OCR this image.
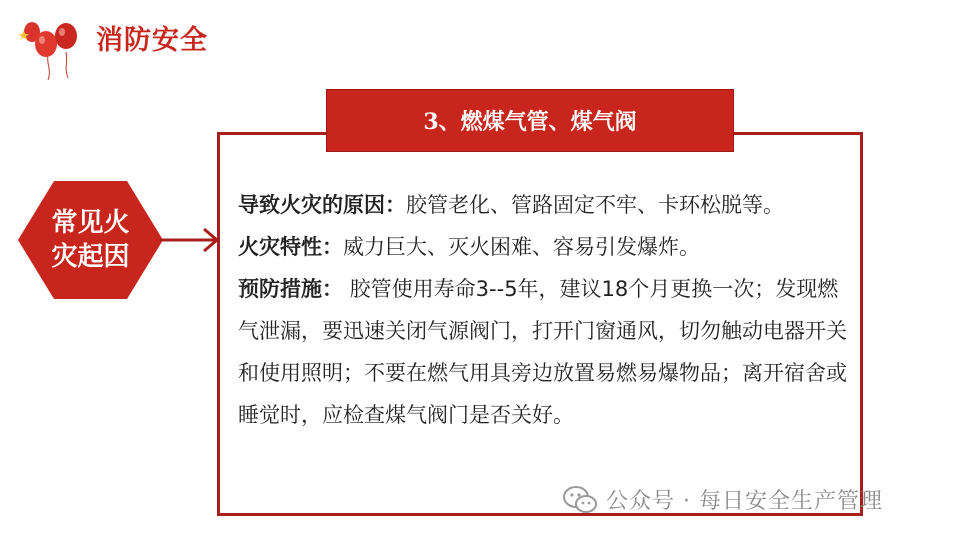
消防安全
常见火
灾起因
3、燃煤气管、煤气阀

导致火灾的原因：胶管老化、管路固定不牢、卡环松脱等。

火灾特性：威力巨大、灭火困难、容易引发爆炸。

预防措施： 胶管使用寿命3--5年，建议18个月更换一次；发现燃气泄漏，要迅速关闭气源阀门，打开门窗通风，切勿触动电器开关和使用照明；不要在燃气用具旁边放置易燃易爆物品；离开宿舍或睡觉时，应检查煤气阀门是否关好。

公众号 · 每日安全生产管理
